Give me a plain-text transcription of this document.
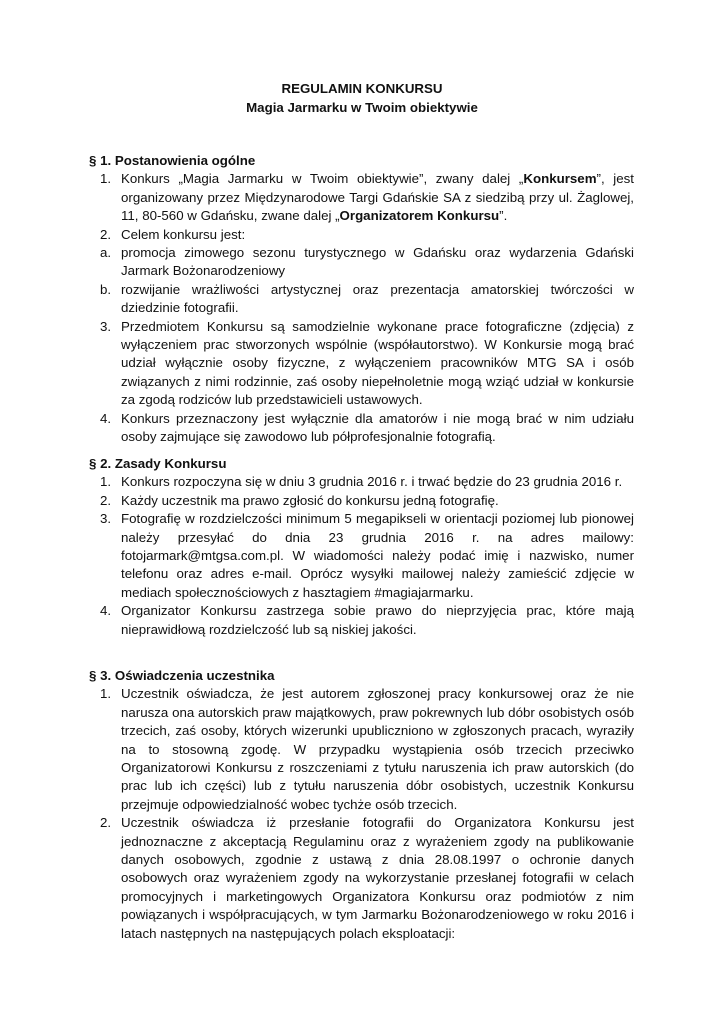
REGULAMIN KONKURSU
Magia Jarmarku w Twoim obiektywie
§ 1. Postanowienia ogólne
1. Konkurs „Magia Jarmarku w Twoim obiektywie”, zwany dalej „Konkursem”, jest organizowany przez Międzynarodowe Targi Gdańskie SA z siedzibą przy ul. Żaglowej, 11, 80-560 w Gdańsku, zwane dalej „Organizatorem Konkursu”.
2. Celem konkursu jest:
a. promocja zimowego sezonu turystycznego w Gdańsku oraz wydarzenia Gdański Jarmark Bożonarodzeniowy
b. rozwijanie wrażliwości artystycznej oraz prezentacja amatorskiej twórczości w dziedzinie fotografii.
3. Przedmiotem Konkursu są samodzielnie wykonane prace fotograficzne (zdjęcia) z wyłączeniem prac stworzonych wspólnie (współautorstwo). W Konkursie mogą brać udział wyłącznie osoby fizyczne, z wyłączeniem pracowników MTG SA i osób związanych z nimi rodzinnie, zaś osoby niepełnoletnie mogą wziąć udział w konkursie za zgodą rodziców lub przedstawicieli ustawowych.
4. Konkurs przeznaczony jest wyłącznie dla amatorów i nie mogą brać w nim udziału osoby zajmujące się zawodowo lub półprofesjonalnie fotografią.
§ 2. Zasady Konkursu
1. Konkurs rozpoczyna się w dniu 3 grudnia 2016 r. i trwać będzie do 23 grudnia 2016 r.
2. Każdy uczestnik ma prawo zgłosić do konkursu jedną fotografię.
3. Fotografię w rozdzielczości minimum 5 megapikseli w orientacji poziomej lub pionowej należy przesyłać do dnia 23 grudnia 2016 r. na adres mailowy: fotojarmark@mtgsa.com.pl. W wiadomości należy podać imię i nazwisko, numer telefonu oraz adres e-mail. Oprócz wysyłki mailowej należy zamieścić zdjęcie w mediach społecznościowych z hasztagiem #magiajarmarku.
4. Organizator Konkursu zastrzega sobie prawo do nieprzyjęcia prac, które mają nieprawidłową rozdzielczość lub są niskiej jakości.
§ 3. Oświadczenia uczestnika
1. Uczestnik oświadcza, że jest autorem zgłoszonej pracy konkursowej oraz że nie narusza ona autorskich praw majątkowych, praw pokrewnych lub dóbr osobistych osób trzecich, zaś osoby, których wizerunki upubliczniono w zgłoszonych pracach, wyraziły na to stosowną zgodę. W przypadku wystąpienia osób trzecich przeciwko Organizatorowi Konkursu z roszczeniami z tytułu naruszenia ich praw autorskich (do prac lub ich części) lub z tytułu naruszenia dóbr osobistych, uczestnik Konkursu przejmuje odpowiedzialność wobec tychże osób trzecich.
2. Uczestnik oświadcza iż przesłanie fotografii do Organizatora Konkursu jest jednoznaczne z akceptacją Regulaminu oraz z wyrażeniem zgody na publikowanie danych osobowych, zgodnie z ustawą z dnia 28.08.1997 o ochronie danych osobowych oraz wyrażeniem zgody na wykorzystanie przesłanej fotografii w celach promocyjnych i marketingowych Organizatora Konkursu oraz podmiotów z nim powiązanych i współpracujących, w tym Jarmarku Bożonarodzeniowego w roku 2016 i latach następnych na następujących polach eksploatacji:
